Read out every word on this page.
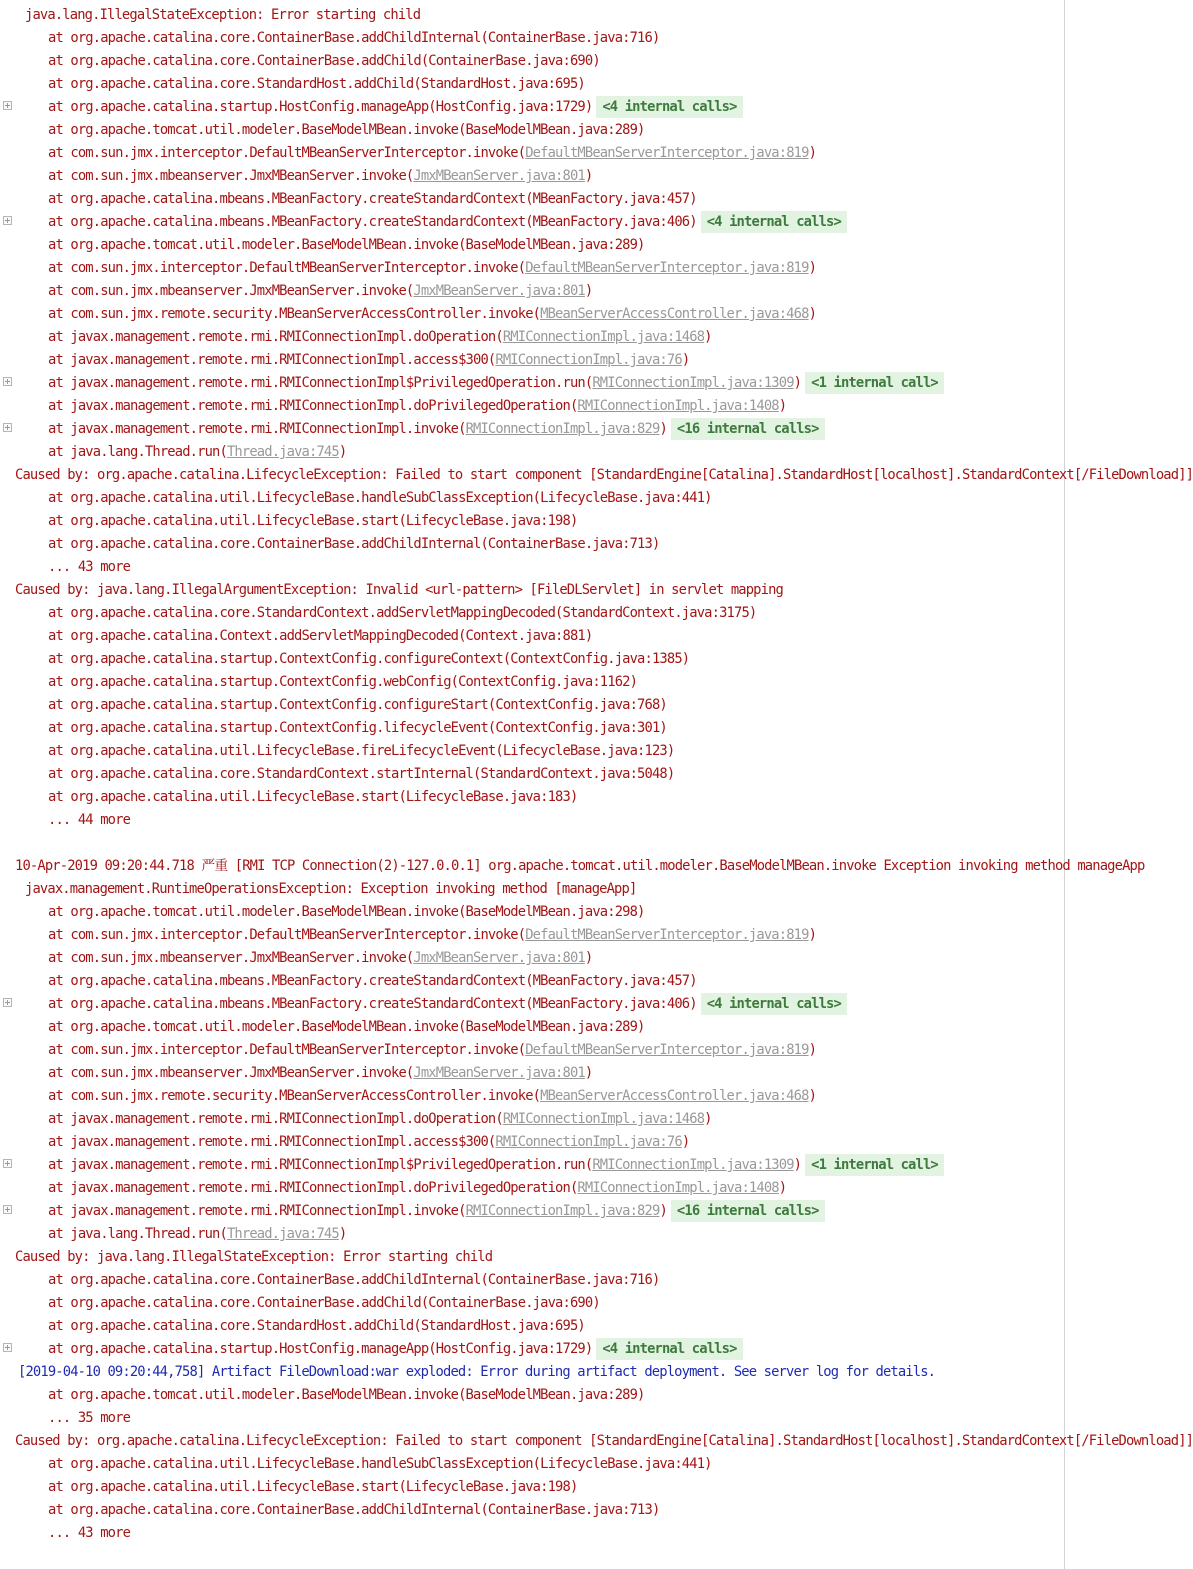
java.lang.IllegalStateException: Error starting child
at org.apache.catalina.core.ContainerBase.addChildInternal(ContainerBase.java:716)
at org.apache.catalina.core.ContainerBase.addChild(ContainerBase.java:690)
at org.apache.catalina.core.StandardHost.addChild(StandardHost.java:695)
at org.apache.catalina.startup.HostConfig.manageApp(HostConfig.java:1729) <4 internal calls>
at org.apache.tomcat.util.modeler.BaseModelMBean.invoke(BaseModelMBean.java:289)
at com.sun.jmx.interceptor.DefaultMBeanServerInterceptor.invoke(DefaultMBeanServerInterceptor.java:819)
at com.sun.jmx.mbeanserver.JmxMBeanServer.invoke(JmxMBeanServer.java:801)
at org.apache.catalina.mbeans.MBeanFactory.createStandardContext(MBeanFactory.java:457)
at org.apache.catalina.mbeans.MBeanFactory.createStandardContext(MBeanFactory.java:406) <4 internal calls>
at org.apache.tomcat.util.modeler.BaseModelMBean.invoke(BaseModelMBean.java:289)
at com.sun.jmx.interceptor.DefaultMBeanServerInterceptor.invoke(DefaultMBeanServerInterceptor.java:819)
at com.sun.jmx.mbeanserver.JmxMBeanServer.invoke(JmxMBeanServer.java:801)
at com.sun.jmx.remote.security.MBeanServerAccessController.invoke(MBeanServerAccessController.java:468)
at javax.management.remote.rmi.RMIConnectionImpl.doOperation(RMIConnectionImpl.java:1468)
at javax.management.remote.rmi.RMIConnectionImpl.access$300(RMIConnectionImpl.java:76)
at javax.management.remote.rmi.RMIConnectionImpl$PrivilegedOperation.run(RMIConnectionImpl.java:1309) <1 internal call>
at javax.management.remote.rmi.RMIConnectionImpl.doPrivilegedOperation(RMIConnectionImpl.java:1408)
at javax.management.remote.rmi.RMIConnectionImpl.invoke(RMIConnectionImpl.java:829) <16 internal calls>
at java.lang.Thread.run(Thread.java:745)
Caused by: org.apache.catalina.LifecycleException: Failed to start component [StandardEngine[Catalina].StandardHost[localhost].StandardContext[/FileDownload]]
at org.apache.catalina.util.LifecycleBase.handleSubClassException(LifecycleBase.java:441)
at org.apache.catalina.util.LifecycleBase.start(LifecycleBase.java:198)
at org.apache.catalina.core.ContainerBase.addChildInternal(ContainerBase.java:713)
... 43 more
Caused by: java.lang.IllegalArgumentException: Invalid <url-pattern> [FileDLServlet] in servlet mapping
at org.apache.catalina.core.StandardContext.addServletMappingDecoded(StandardContext.java:3175)
at org.apache.catalina.Context.addServletMappingDecoded(Context.java:881)
at org.apache.catalina.startup.ContextConfig.configureContext(ContextConfig.java:1385)
at org.apache.catalina.startup.ContextConfig.webConfig(ContextConfig.java:1162)
at org.apache.catalina.startup.ContextConfig.configureStart(ContextConfig.java:768)
at org.apache.catalina.startup.ContextConfig.lifecycleEvent(ContextConfig.java:301)
at org.apache.catalina.util.LifecycleBase.fireLifecycleEvent(LifecycleBase.java:123)
at org.apache.catalina.core.StandardContext.startInternal(StandardContext.java:5048)
at org.apache.catalina.util.LifecycleBase.start(LifecycleBase.java:183)
... 44 more
10-Apr-2019 09:20:44.718 严重 [RMI TCP Connection(2)-127.0.0.1] org.apache.tomcat.util.modeler.BaseModelMBean.invoke Exception invoking method manageApp
javax.management.RuntimeOperationsException: Exception invoking method [manageApp]
at org.apache.tomcat.util.modeler.BaseModelMBean.invoke(BaseModelMBean.java:298)
at com.sun.jmx.interceptor.DefaultMBeanServerInterceptor.invoke(DefaultMBeanServerInterceptor.java:819)
at com.sun.jmx.mbeanserver.JmxMBeanServer.invoke(JmxMBeanServer.java:801)
at org.apache.catalina.mbeans.MBeanFactory.createStandardContext(MBeanFactory.java:457)
at org.apache.catalina.mbeans.MBeanFactory.createStandardContext(MBeanFactory.java:406) <4 internal calls>
at org.apache.tomcat.util.modeler.BaseModelMBean.invoke(BaseModelMBean.java:289)
at com.sun.jmx.interceptor.DefaultMBeanServerInterceptor.invoke(DefaultMBeanServerInterceptor.java:819)
at com.sun.jmx.mbeanserver.JmxMBeanServer.invoke(JmxMBeanServer.java:801)
at com.sun.jmx.remote.security.MBeanServerAccessController.invoke(MBeanServerAccessController.java:468)
at javax.management.remote.rmi.RMIConnectionImpl.doOperation(RMIConnectionImpl.java:1468)
at javax.management.remote.rmi.RMIConnectionImpl.access$300(RMIConnectionImpl.java:76)
at javax.management.remote.rmi.RMIConnectionImpl$PrivilegedOperation.run(RMIConnectionImpl.java:1309) <1 internal call>
at javax.management.remote.rmi.RMIConnectionImpl.doPrivilegedOperation(RMIConnectionImpl.java:1408)
at javax.management.remote.rmi.RMIConnectionImpl.invoke(RMIConnectionImpl.java:829) <16 internal calls>
at java.lang.Thread.run(Thread.java:745)
Caused by: java.lang.IllegalStateException: Error starting child
at org.apache.catalina.core.ContainerBase.addChildInternal(ContainerBase.java:716)
at org.apache.catalina.core.ContainerBase.addChild(ContainerBase.java:690)
at org.apache.catalina.core.StandardHost.addChild(StandardHost.java:695)
at org.apache.catalina.startup.HostConfig.manageApp(HostConfig.java:1729) <4 internal calls>
[2019-04-10 09:20:44,758] Artifact FileDownload:war exploded: Error during artifact deployment. See server log for details.
at org.apache.tomcat.util.modeler.BaseModelMBean.invoke(BaseModelMBean.java:289)
... 35 more
Caused by: org.apache.catalina.LifecycleException: Failed to start component [StandardEngine[Catalina].StandardHost[localhost].StandardContext[/FileDownload]]
at org.apache.catalina.util.LifecycleBase.handleSubClassException(LifecycleBase.java:441)
at org.apache.catalina.util.LifecycleBase.start(LifecycleBase.java:198)
at org.apache.catalina.core.ContainerBase.addChildInternal(ContainerBase.java:713)
... 43 more
